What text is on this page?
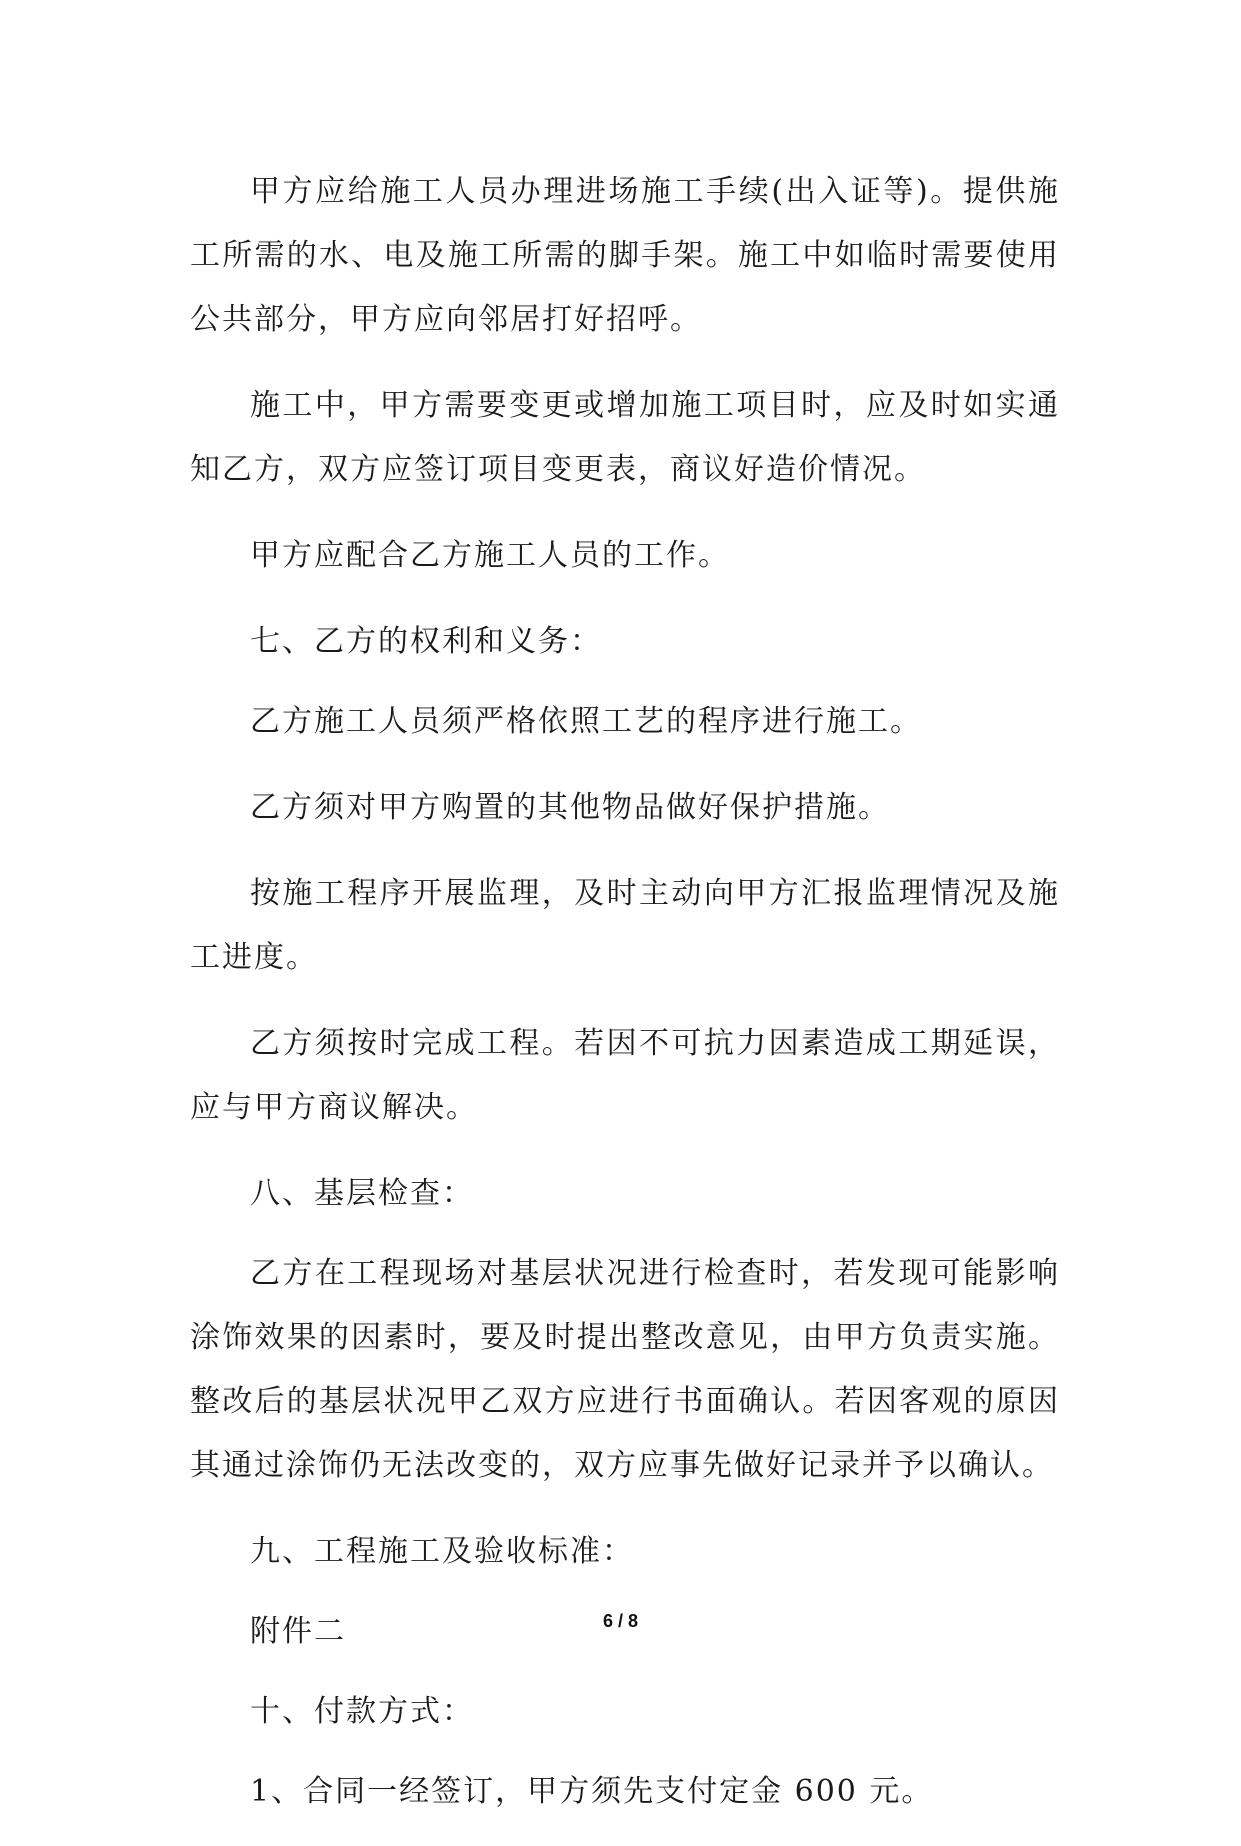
甲方应给施工人员办理进场施工手续(出入证等)。提供施工所需的水、电及施工所需的脚手架。施工中如临时需要使用公共部分，甲方应向邻居打好招呼。

施工中，甲方需要变更或增加施工项目时，应及时如实通知乙方，双方应签订项目变更表，商议好造价情况。

甲方应配合乙方施工人员的工作。

七、乙方的权利和义务：

乙方施工人员须严格依照工艺的程序进行施工。

乙方须对甲方购置的其他物品做好保护措施。

按施工程序开展监理，及时主动向甲方汇报监理情况及施工进度。

乙方须按时完成工程。若因不可抗力因素造成工期延误，应与甲方商议解决。

八、基层检查：

乙方在工程现场对基层状况进行检查时，若发现可能影响涂饰效果的因素时，要及时提出整改意见，由甲方负责实施。整改后的基层状况甲乙双方应进行书面确认。若因客观的原因其通过涂饰仍无法改变的，双方应事先做好记录并予以确认。

九、工程施工及验收标准：

附件二

十、付款方式：

1、合同一经签订，甲方须先支付定金 600 元。

6 / 8
